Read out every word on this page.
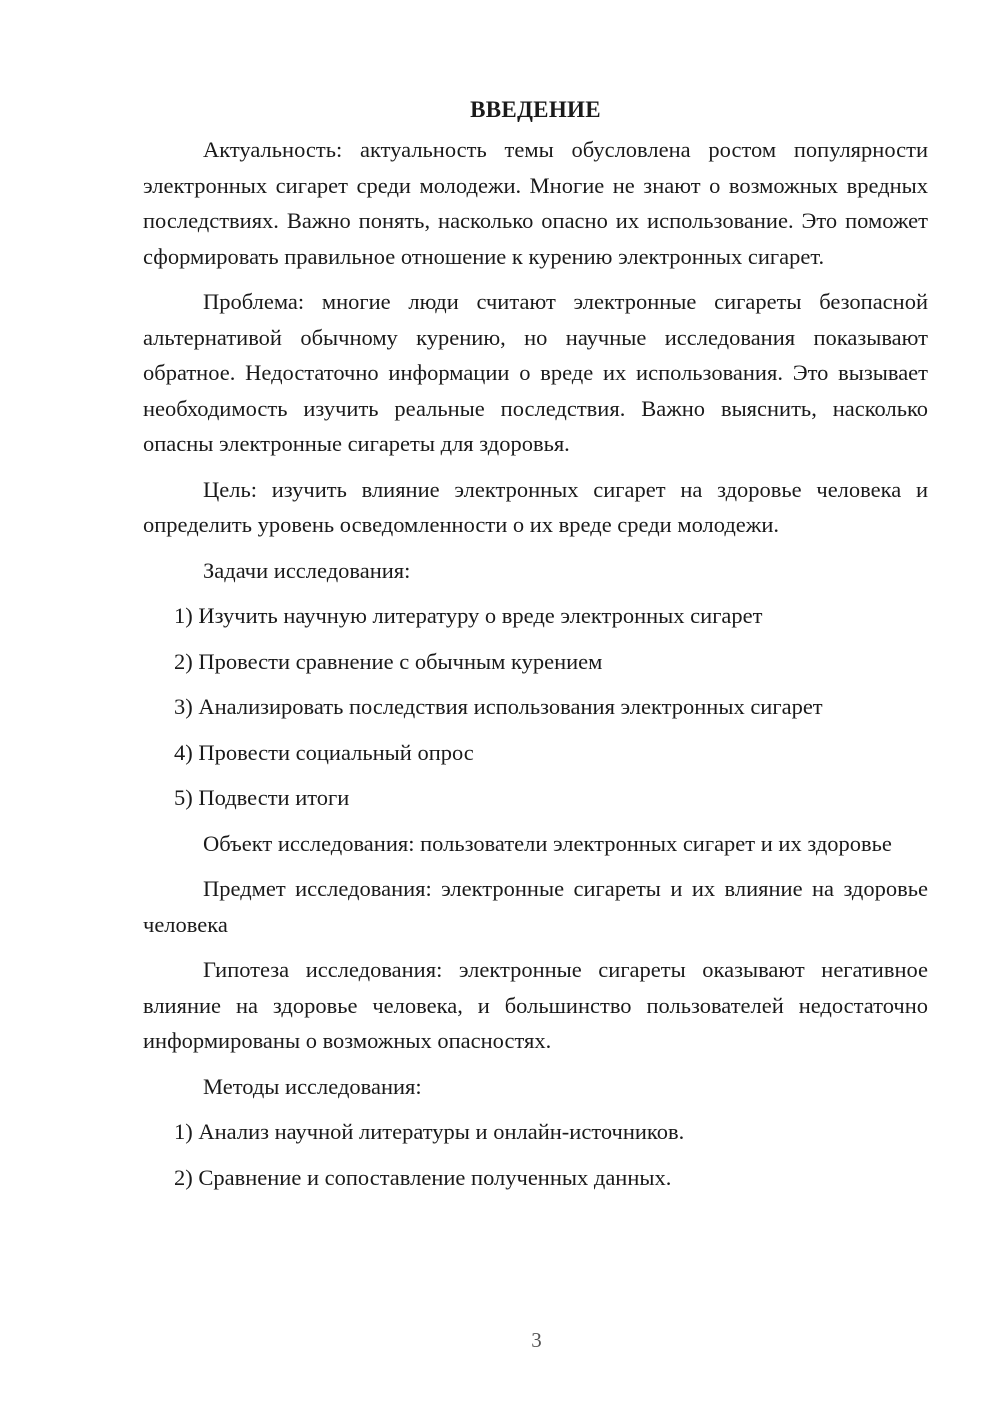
ВВЕДЕНИЕ

Актуальность: актуальность темы обусловлена ростом популярности электронных сигарет среди молодежи. Многие не знают о возможных вредных последствиях. Важно понять, насколько опасно их использование. Это поможет сформировать правильное отношение к курению электронных сигарет.

Проблема: многие люди считают электронные сигареты безопасной альтернативой обычному курению, но научные исследования показывают обратное. Недостаточно информации о вреде их использования. Это вызывает необходимость изучить реальные последствия. Важно выяснить, насколько опасны электронные сигареты для здоровья.

Цель: изучить влияние электронных сигарет на здоровье человека и определить уровень осведомленности о их вреде среди молодежи.

Задачи исследования:

1) Изучить научную литературу о вреде электронных сигарет
2) Провести сравнение с обычным курением
3) Анализировать последствия использования электронных сигарет
4) Провести социальный опрос
5) Подвести итоги

Объект исследования: пользователи электронных сигарет и их здоровье

Предмет исследования: электронные сигареты и их влияние на здоровье человека

Гипотеза исследования: электронные сигареты оказывают негативное влияние на здоровье человека, и большинство пользователей недостаточно информированы о возможных опасностях.

Методы исследования:

1) Анализ научной литературы и онлайн-источников.
2) Сравнение и сопоставление полученных данных.
3
